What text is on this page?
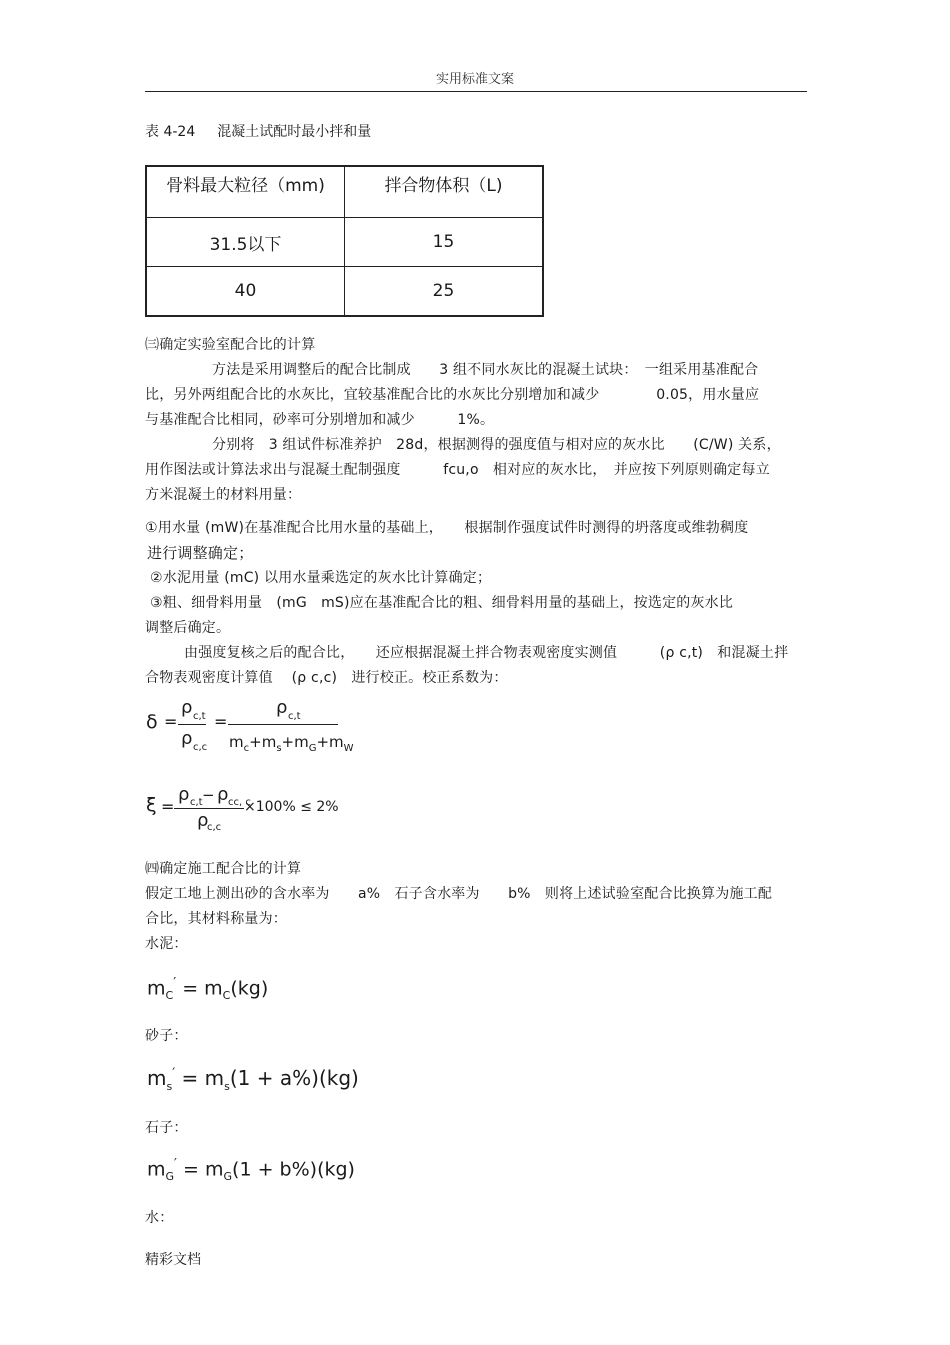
实用标准文案
表 4-24 混凝土试配时最小拌和量
骨料最大粒径（mm)	拌合物体积（L)
31.5以下	15
40	25
㈢确定实验室配合比的计算
方法是采用调整后的配合比制成　　3 组不同水灰比的混凝土试块：　一组采用基准配合
比，另外两组配合比的水灰比，宜较基准配合比的水灰比分别增加和减少　　　　0.05，用水量应
与基准配合比相同，砂率可分别增加和减少　　　1%。
分别将　3 组试件标准养护　28d，根据测得的强度值与相对应的灰水比　　(C/W) 关系，
用作图法或计算法求出与混凝土配制强度　　　fcu,o　相对应的灰水比，　并应按下列原则确定每立
方米混凝土的材料用量：
①用水量 (mW)在基准配合比用水量的基础上，　　根据制作强度试件时测得的坍落度或维勃稠度
进行调整确定；
②水泥用量 (mC) 以用水量乘选定的灰水比计算确定；
③粗、细骨料用量　(mG　mS)应在基准配合比的粗、细骨料用量的基础上，按选定的灰水比
调整后确定。
由强度复核之后的配合比，　　还应根据混凝土拌合物表观密度实测值　　　(ρ c,t)　和混凝土拌
合物表观密度计算值　 (ρ c,c)　进行校正。校正系数为：
δ
ρ c,t
ρ c,c
= =
ρ c,t
$m_c+m_s+m_G+m_W$
ξ =
ρ c,t − ρ cc, c
ρ
c,c
×100% ≤ 2%
㈣确定施工配合比的计算
假定工地上测出砂的含水率为　　a%　石子含水率为　　b%　则将上述试验室配合比换算为施工配
合比，其材料称量为：
水泥：
$m_C' = m_C(kg)$
砂子：
$m_s' = m_s(1 + a\%)(kg)$
石子：
$m_G' = m_G(1 + b\%)(kg)$
水：
精彩文档
